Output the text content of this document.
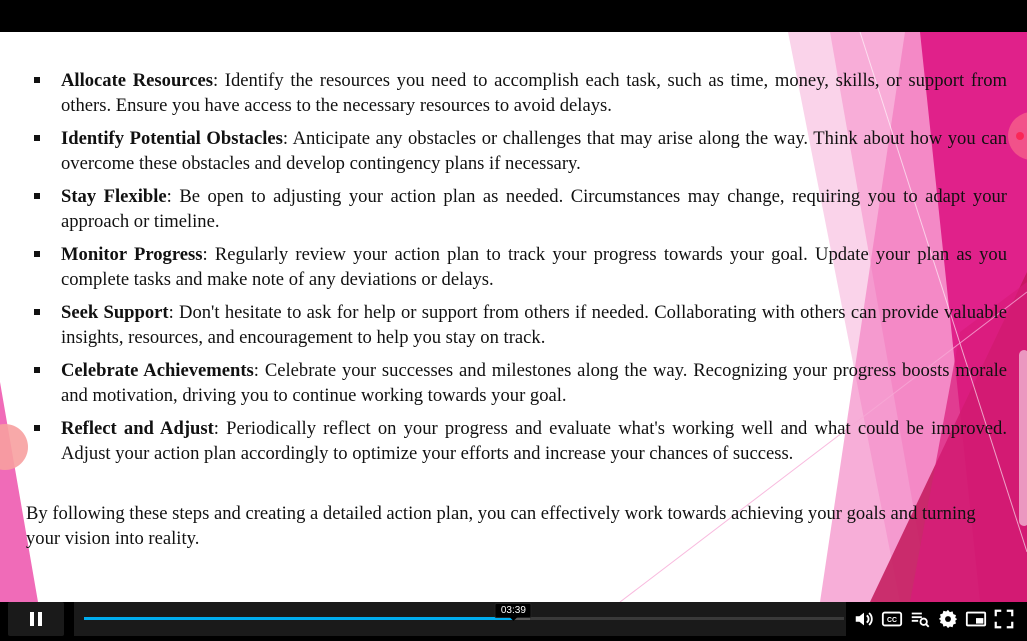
Allocate Resources: Identify the resources you need to accomplish each task, such as time, money, skills, or support from others. Ensure you have access to the necessary resources to avoid delays.
Identify Potential Obstacles: Anticipate any obstacles or challenges that may arise along the way. Think about how you can overcome these obstacles and develop contingency plans if necessary.
Stay Flexible: Be open to adjusting your action plan as needed. Circumstances may change, requiring you to adapt your approach or timeline.
Monitor Progress: Regularly review your action plan to track your progress towards your goal. Update your plan as you complete tasks and make note of any deviations or delays.
Seek Support: Don't hesitate to ask for help or support from others if needed. Collaborating with others can provide valuable insights, resources, and encouragement to help you stay on track.
Celebrate Achievements: Celebrate your successes and milestones along the way. Recognizing your progress boosts morale and motivation, driving you to continue working towards your goal.
Reflect and Adjust: Periodically reflect on your progress and evaluate what's working well and what could be improved. Adjust your action plan accordingly to optimize your efforts and increase your chances of success.
By following these steps and creating a detailed action plan, you can effectively work towards achieving your goals and turning your vision into reality.
03:39
CC
